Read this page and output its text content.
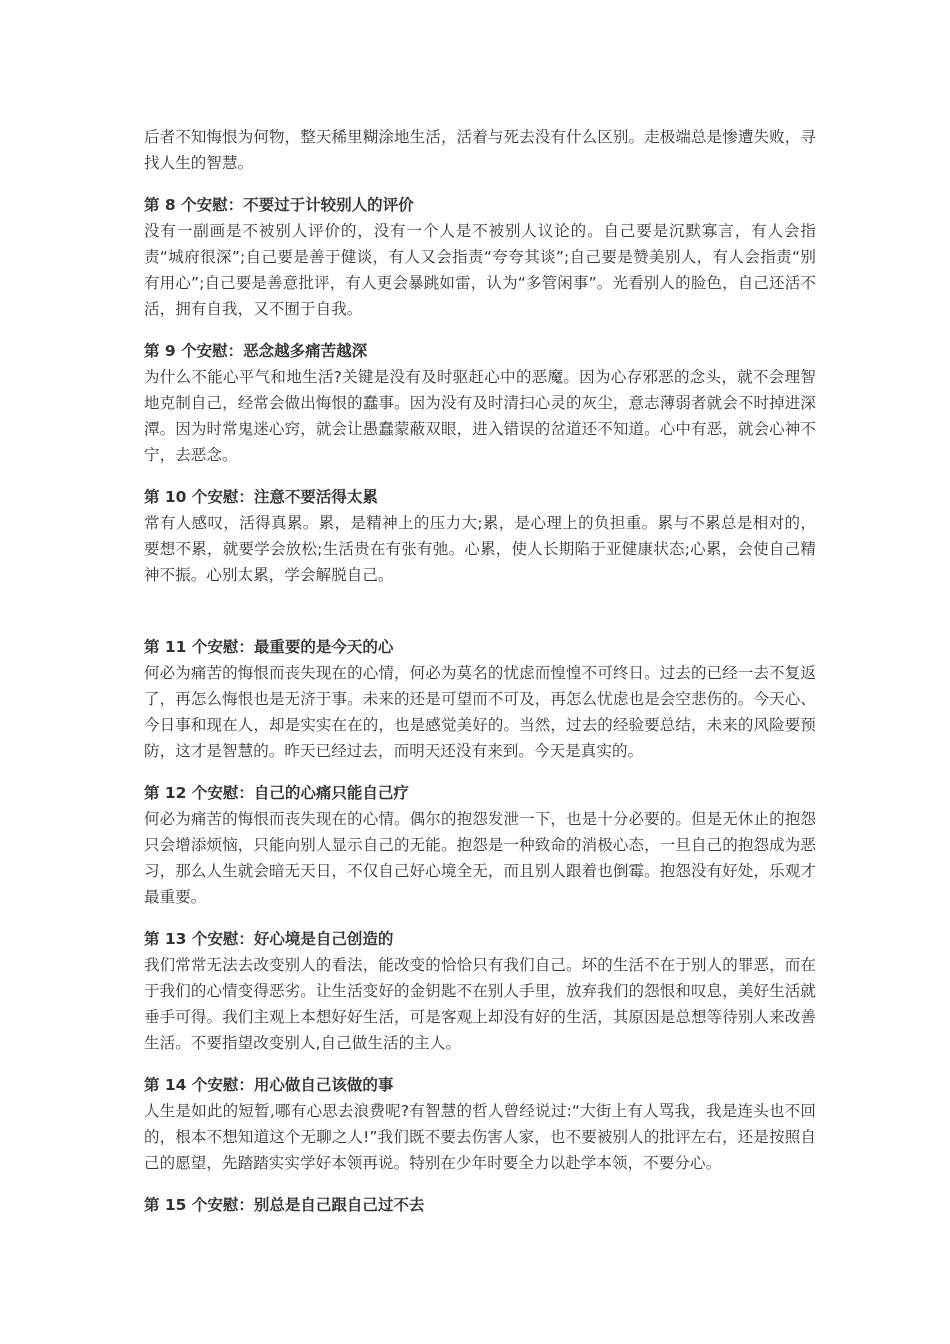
后者不知悔恨为何物，整天稀里糊涂地生活，活着与死去没有什么区别。走极端总是惨遭失败，寻找人生的智慧。

第 8 个安慰：不要过于计较别人的评价

没有一副画是不被别人评价的，没有一个人是不被别人议论的。自己要是沉默寡言，有人会指责“城府很深”;自己要是善于健谈，有人又会指责“夸夸其谈”;自己要是赞美别人，有人会指责“别有用心”;自己要是善意批评，有人更会暴跳如雷，认为“多管闲事”。光看别人的脸色，自己还活不活，拥有自我，又不囿于自我。

第 9 个安慰：恶念越多痛苦越深

为什么不能心平气和地生活?关键是没有及时驱赶心中的恶魔。因为心存邪恶的念头，就不会理智地克制自己，经常会做出悔恨的蠢事。因为没有及时清扫心灵的灰尘，意志薄弱者就会不时掉进深潭。因为时常鬼迷心窍，就会让愚蠢蒙蔽双眼，进入错误的岔道还不知道。心中有恶，就会心神不宁，去恶念。

第 10 个安慰：注意不要活得太累

常有人感叹，活得真累。累，是精神上的压力大;累，是心理上的负担重。累与不累总是相对的，要想不累，就要学会放松;生活贵在有张有弛。心累，使人长期陷于亚健康状态;心累，会使自己精神不振。心别太累，学会解脱自己。

第 11 个安慰：最重要的是今天的心

何必为痛苦的悔恨而丧失现在的心情，何必为莫名的忧虑而惶惶不可终日。过去的已经一去不复返了，再怎么悔恨也是无济于事。未来的还是可望而不可及，再怎么忧虑也是会空悲伤的。今天心、今日事和现在人，却是实实在在的，也是感觉美好的。当然，过去的经验要总结，未来的风险要预防，这才是智慧的。昨天已经过去，而明天还没有来到。今天是真实的。

第 12 个安慰：自己的心痛只能自己疗

何必为痛苦的悔恨而丧失现在的心情。偶尔的抱怨发泄一下，也是十分必要的。但是无休止的抱怨只会增添烦恼，只能向别人显示自己的无能。抱怨是一种致命的消极心态，一旦自己的抱怨成为恶习，那么人生就会暗无天日，不仅自己好心境全无，而且别人跟着也倒霉。抱怨没有好处，乐观才最重要。

第 13 个安慰：好心境是自己创造的

我们常常无法去改变别人的看法，能改变的恰恰只有我们自己。坏的生活不在于别人的罪恶，而在于我们的心情变得恶劣。让生活变好的金钥匙不在别人手里，放弃我们的怨恨和叹息，美好生活就垂手可得。我们主观上本想好好生活，可是客观上却没有好的生活，其原因是总想等待别人来改善生活。不要指望改变别人,自己做生活的主人。

第 14 个安慰：用心做自己该做的事

人生是如此的短暂,哪有心思去浪费呢?有智慧的哲人曾经说过:“大街上有人骂我，我是连头也不回的，根本不想知道这个无聊之人!”我们既不要去伤害人家，也不要被别人的批评左右，还是按照自己的愿望，先踏踏实实学好本领再说。特别在少年时要全力以赴学本领，不要分心。

第 15 个安慰：别总是自己跟自己过不去
